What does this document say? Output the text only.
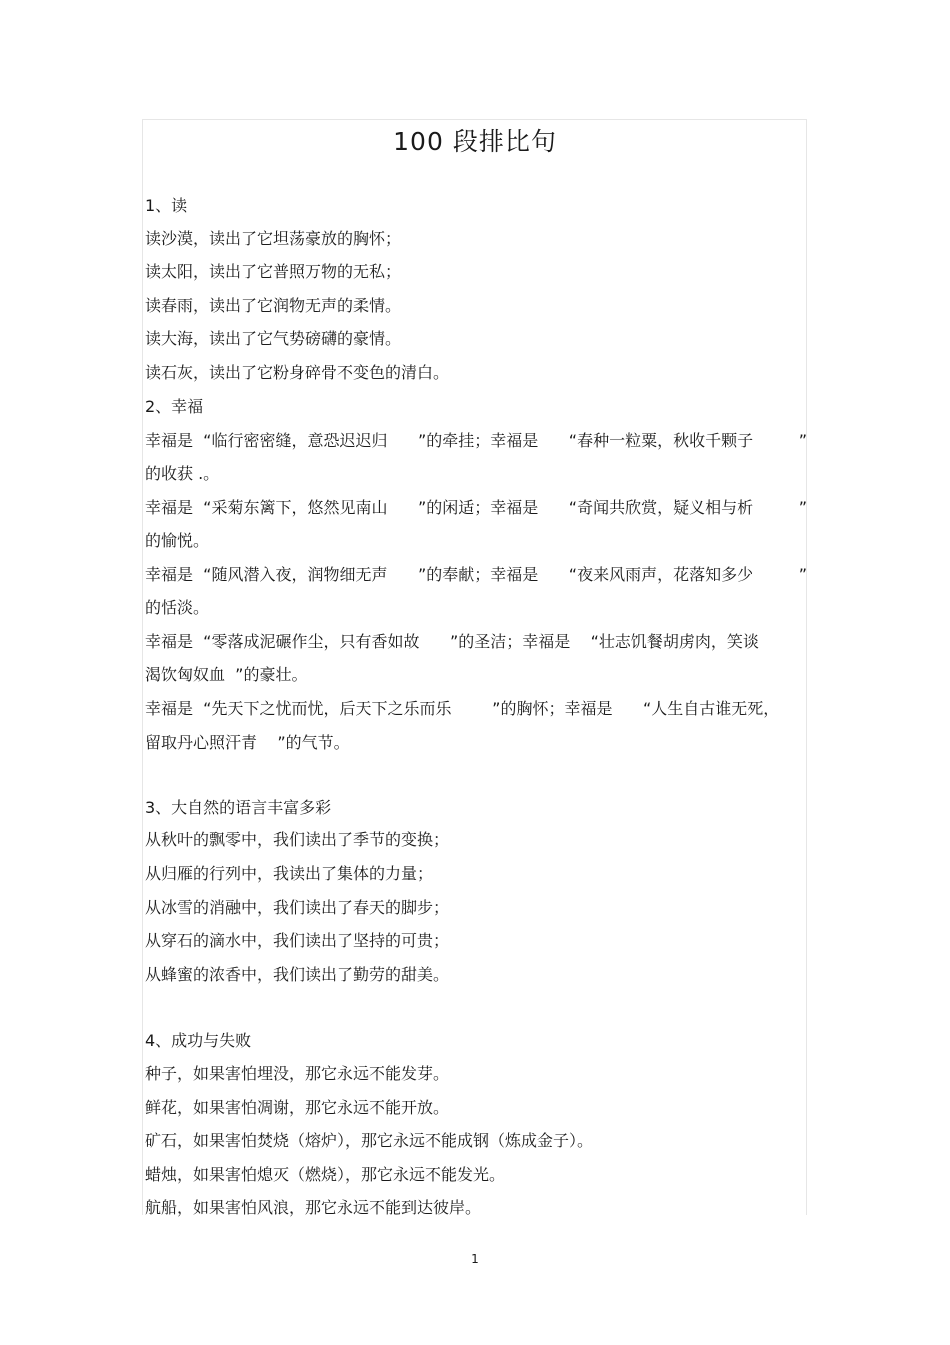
100 段排比句
1、读
读沙漠，读出了它坦荡豪放的胸怀；
读太阳，读出了它普照万物的无私；
读春雨，读出了它润物无声的柔情。
读大海，读出了它气势磅礴的豪情。
读石灰，读出了它粉身碎骨不变色的清白。
2、幸福
幸福是  “临行密密缝，意恐迟迟归      ”的牵挂；幸福是      “春种一粒粟，秋收千颗子	”
的收获 .。
幸福是  “采菊东篱下，悠然见南山      ”的闲适；幸福是      “奇闻共欣赏，疑义相与析	”
的愉悦。
幸福是  “随风潜入夜，润物细无声      ”的奉献；幸福是      “夜来风雨声，花落知多少	”
的恬淡。
幸福是  “零落成泥碾作尘，只有香如故      ”的圣洁；幸福是    “壮志饥餐胡虏肉，笑谈
渴饮匈奴血  ”的豪壮。
幸福是  “先天下之忧而忧，后天下之乐而乐        ”的胸怀；幸福是      “人生自古谁无死，
留取丹心照汗青    ”的气节。
3、大自然的语言丰富多彩
从秋叶的飘零中，我们读出了季节的变换；
从归雁的行列中，我读出了集体的力量；
从冰雪的消融中，我们读出了春天的脚步；
从穿石的滴水中，我们读出了坚持的可贵；
从蜂蜜的浓香中，我们读出了勤劳的甜美。
4、成功与失败
种子，如果害怕埋没，那它永远不能发芽。
鲜花，如果害怕凋谢，那它永远不能开放。
矿石，如果害怕焚烧（熔炉），那它永远不能成钢（炼成金子）。
蜡烛，如果害怕熄灭（燃烧），那它永远不能发光。
航船，如果害怕风浪，那它永远不能到达彼岸。
1
